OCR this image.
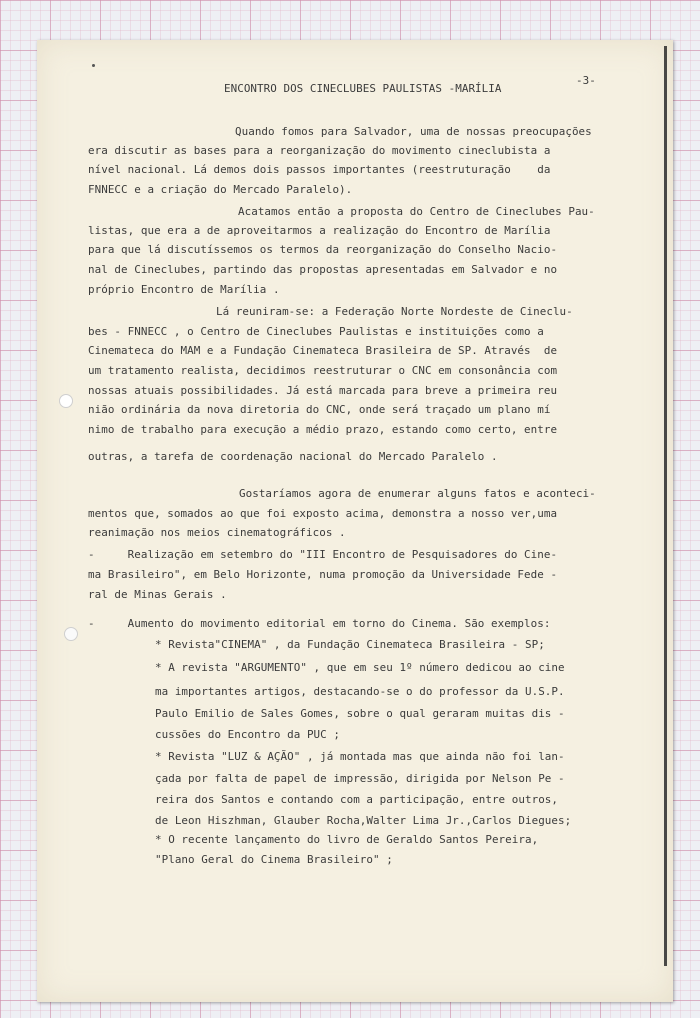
ENCONTRO DOS CINECLUBES PAULISTAS -MARÍLIA
-3-
Quando fomos para Salvador, uma de nossas preocupações
era discutir as bases para a reorganização do movimento cineclubista a
nível nacional. Lá demos dois passos importantes (reestruturação    da
FNNECC e a criação do Mercado Paralelo).
Acatamos então a proposta do Centro de Cineclubes Pau-
listas, que era a de aproveitarmos a realização do Encontro de Marília
para que lá discutíssemos os termos da reorganização do Conselho Nacio-
nal de Cineclubes, partindo das propostas apresentadas em Salvador e no
próprio Encontro de Marília .
Lá reuniram-se: a Federação Norte Nordeste de Cineclu-
bes - FNNECC , o Centro de Cineclubes Paulistas e instituições como a
Cinemateca do MAM e a Fundação Cinemateca Brasileira de SP. Através  de
um tratamento realista, decidimos reestruturar o CNC em consonância com
nossas atuais possibilidades. Já está marcada para breve a primeira reu
nião ordinária da nova diretoria do CNC, onde será traçado um plano mí
nimo de trabalho para execução a médio prazo, estando como certo, entre
outras, a tarefa de coordenação nacional do Mercado Paralelo .
Gostaríamos agora de enumerar alguns fatos e aconteci-
mentos que, somados ao que foi exposto acima, demonstra a nosso ver,uma
reanimação nos meios cinematográficos .
-     Realização em setembro do "III Encontro de Pesquisadores do Cine-
ma Brasileiro", em Belo Horizonte, numa promoção da Universidade Fede -
ral de Minas Gerais .
-     Aumento do movimento editorial em torno do Cinema. São exemplos:
* Revista"CINEMA" , da Fundação Cinemateca Brasileira - SP;
* A revista "ARGUMENTO" , que em seu 1º número dedicou ao cine
ma importantes artigos, destacando-se o do professor da U.S.P.
Paulo Emilio de Sales Gomes, sobre o qual geraram muitas dis -
cussões do Encontro da PUC ;
* Revista "LUZ & AÇÃO" , já montada mas que ainda não foi lan-
çada por falta de papel de impressão, dirigida por Nelson Pe -
reira dos Santos e contando com a participação, entre outros,
de Leon Hiszhman, Glauber Rocha,Walter Lima Jr.,Carlos Diegues;
* O recente lançamento do livro de Geraldo Santos Pereira,
"Plano Geral do Cinema Brasileiro" ;
